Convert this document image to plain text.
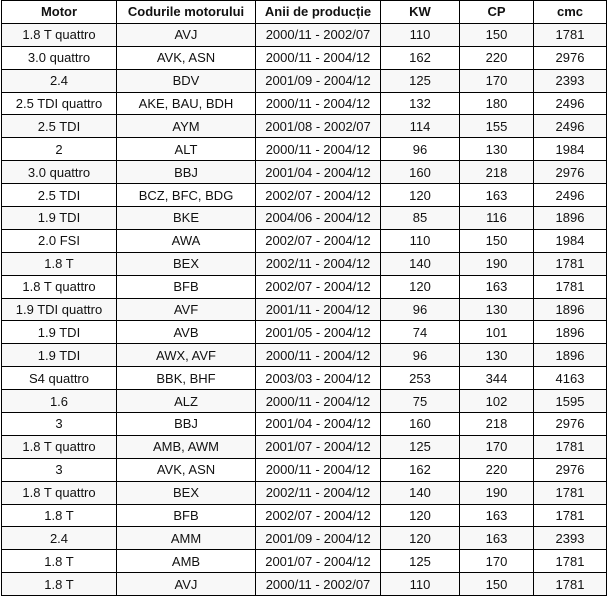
Motor	Codurile motorului	Anii de producție	KW	CP	cmc
1.8 T quattro	AVJ	2000/11 - 2002/07	110	150	1781
3.0 quattro	AVK, ASN	2000/11 - 2004/12	162	220	2976
2.4	BDV	2001/09 - 2004/12	125	170	2393
2.5 TDI quattro	AKE, BAU, BDH	2000/11 - 2004/12	132	180	2496
2.5 TDI	AYM	2001/08 - 2002/07	114	155	2496
2	ALT	2000/11 - 2004/12	96	130	1984
3.0 quattro	BBJ	2001/04 - 2004/12	160	218	2976
2.5 TDI	BCZ, BFC, BDG	2002/07 - 2004/12	120	163	2496
1.9 TDI	BKE	2004/06 - 2004/12	85	116	1896
2.0 FSI	AWA	2002/07 - 2004/12	110	150	1984
1.8 T	BEX	2002/11 - 2004/12	140	190	1781
1.8 T quattro	BFB	2002/07 - 2004/12	120	163	1781
1.9 TDI quattro	AVF	2001/11 - 2004/12	96	130	1896
1.9 TDI	AVB	2001/05 - 2004/12	74	101	1896
1.9 TDI	AWX, AVF	2000/11 - 2004/12	96	130	1896
S4 quattro	BBK, BHF	2003/03 - 2004/12	253	344	4163
1.6	ALZ	2000/11 - 2004/12	75	102	1595
3	BBJ	2001/04 - 2004/12	160	218	2976
1.8 T quattro	AMB, AWM	2001/07 - 2004/12	125	170	1781
3	AVK, ASN	2000/11 - 2004/12	162	220	2976
1.8 T quattro	BEX	2002/11 - 2004/12	140	190	1781
1.8 T	BFB	2002/07 - 2004/12	120	163	1781
2.4	AMM	2001/09 - 2004/12	120	163	2393
1.8 T	AMB	2001/07 - 2004/12	125	170	1781
1.8 T	AVJ	2000/11 - 2002/07	110	150	1781
